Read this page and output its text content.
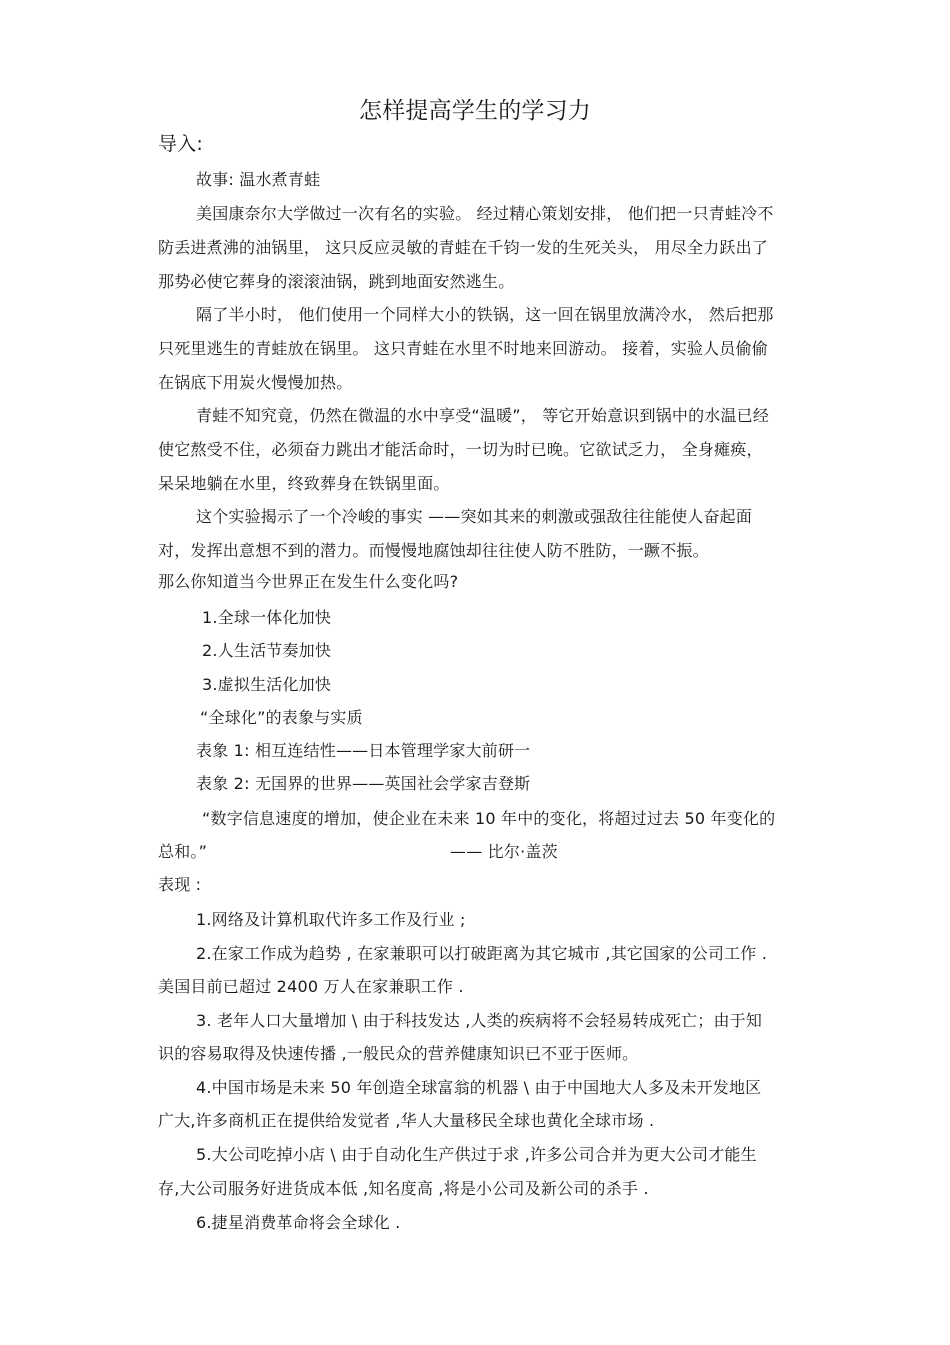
怎样提高学生的学习力
导入:
故事: 温水煮青蛙
美国康奈尔大学做过一次有名的实验。 经过精心策划安排， 他们把一只青蛙冷不
防丢进煮沸的油锅里， 这只反应灵敏的青蛙在千钧一发的生死关头， 用尽全力跃出了
那势必使它葬身的滚滚油锅，跳到地面安然逃生。
隔了半小时， 他们使用一个同样大小的铁锅，这一回在锅里放满冷水， 然后把那
只死里逃生的青蛙放在锅里。 这只青蛙在水里不时地来回游动。 接着，实验人员偷偷
在锅底下用炭火慢慢加热。
青蛙不知究竟，仍然在微温的水中享受“温暖”， 等它开始意识到锅中的水温已经
使它熬受不住，必须奋力跳出才能活命时，一切为时已晚。它欲试乏力， 全身瘫痪，
呆呆地躺在水里，终致葬身在铁锅里面。
这个实验揭示了一个冷峻的事实 ——突如其来的刺激或强敌往往能使人奋起面
对，发挥出意想不到的潜力。而慢慢地腐蚀却往往使人防不胜防，一蹶不振。
那么你知道当今世界正在发生什么变化吗?
1.全球一体化加快
2.人生活节奏加快
3.虚拟生活化加快
“全球化”的表象与实质
表象 1: 相互连结性——日本管理学家大前研一
表象 2: 无国界的世界——英国社会学家吉登斯
“数字信息速度的增加，使企业在未来 10 年中的变化，将超过过去 50 年变化的
总和。”	—— 比尔·盖茨
表现 :
1.网络及计算机取代许多工作及行业 ;
2.在家工作成为趋势 , 在家兼职可以打破距离为其它城市 ,其它国家的公司工作 .
美国目前已超过 2400 万人在家兼职工作 .
3. 老年人口大量增加 \ 由于科技发达 ,人类的疾病将不会轻易转成死亡；由于知
识的容易取得及快速传播 ,一般民众的营养健康知识已不亚于医师。
4.中国市场是未来 50 年创造全球富翁的机器 \ 由于中国地大人多及未开发地区
广大,许多商机正在提供给发觉者 ,华人大量移民全球也黄化全球市场 .
5.大公司吃掉小店 \ 由于自动化生产供过于求 ,许多公司合并为更大公司才能生
存,大公司服务好进货成本低 ,知名度高 ,将是小公司及新公司的杀手 .
6.捷星消费革命将会全球化 .
